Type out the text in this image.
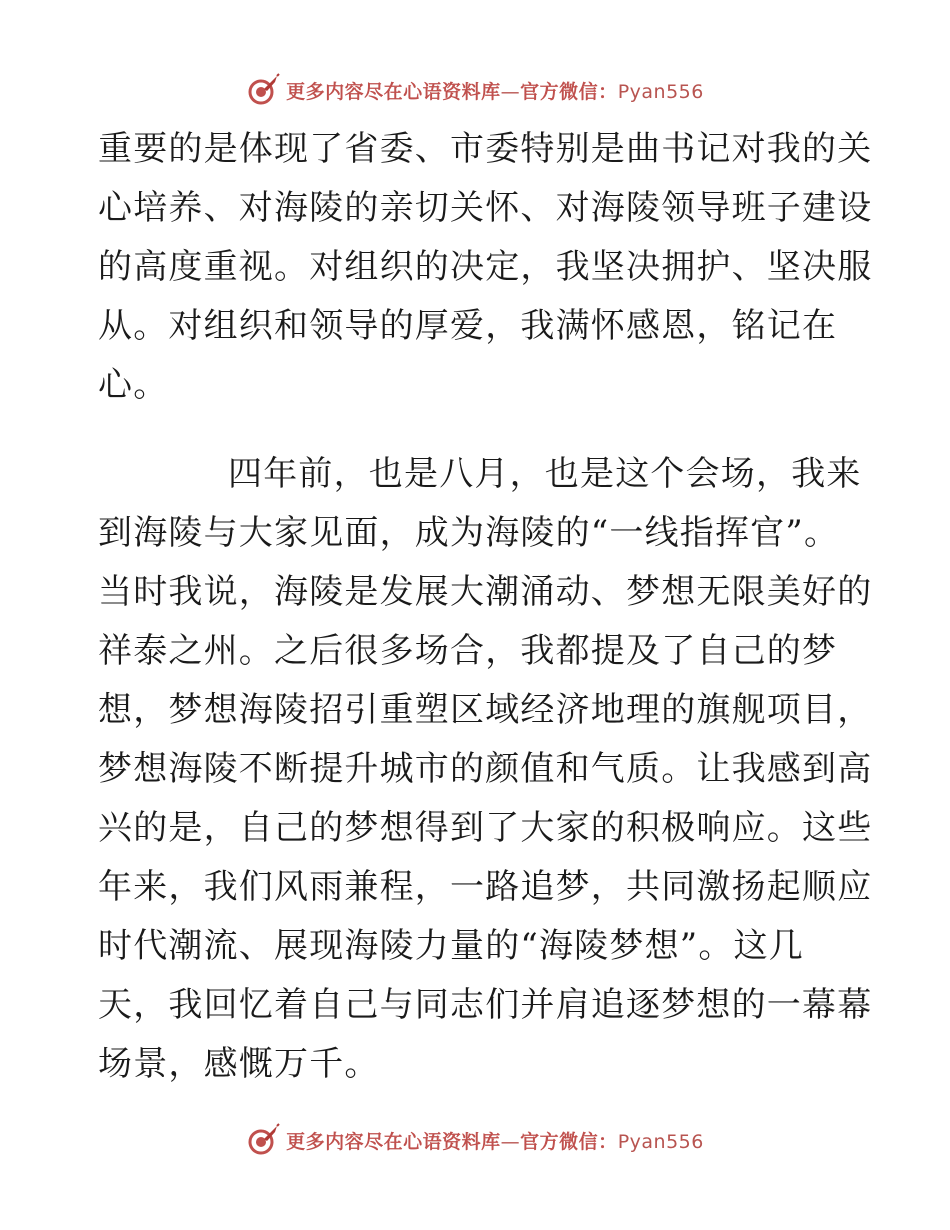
更多内容尽在心语资料库—官方微信：Pyan556

重要的是体现了省委、市委特别是曲书记对我的关
心培养、对海陵的亲切关怀、对海陵领导班子建设
的高度重视。对组织的决定，我坚决拥护、坚决服
从。对组织和领导的厚爱，我满怀感恩，铭记在
心。

四年前，也是八月，也是这个会场，我来
到海陵与大家见面，成为海陵的“一线指挥官”。
当时我说，海陵是发展大潮涌动、梦想无限美好的
祥泰之州。之后很多场合，我都提及了自己的梦
想，梦想海陵招引重塑区域经济地理的旗舰项目，
梦想海陵不断提升城市的颜值和气质。让我感到高
兴的是，自己的梦想得到了大家的积极响应。这些
年来，我们风雨兼程，一路追梦，共同激扬起顺应
时代潮流、展现海陵力量的“海陵梦想”。这几
天，我回忆着自己与同志们并肩追逐梦想的一幕幕
场景，感慨万千。

更多内容尽在心语资料库—官方微信：Pyan556
